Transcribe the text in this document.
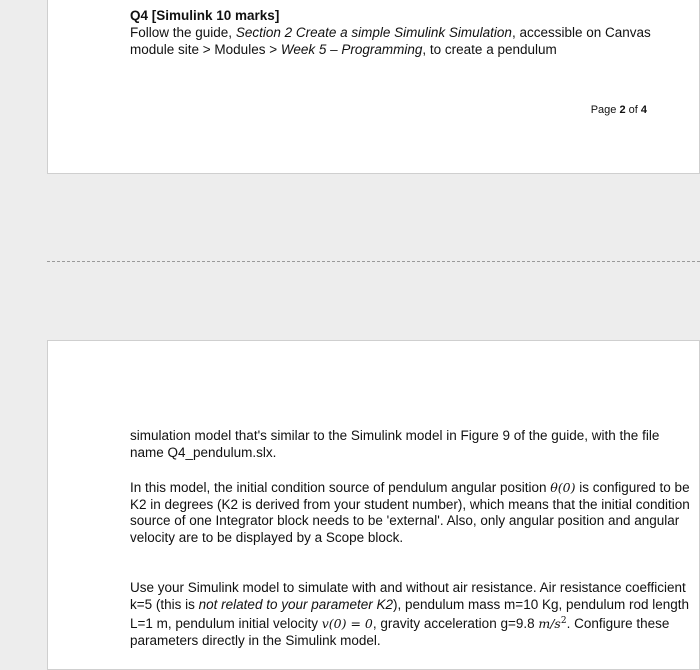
Q4 [Simulink 10 marks]
Follow the guide, Section 2 Create a simple Simulink Simulation, accessible on Canvas module site > Modules > Week 5 – Programming, to create a pendulum
Page 2 of 4
simulation model that's similar to the Simulink model in Figure 9 of the guide, with the file name Q4_pendulum.slx.
In this model, the initial condition source of pendulum angular position θ(0) is configured to be K2 in degrees (K2 is derived from your student number), which means that the initial condition source of one Integrator block needs to be 'external'. Also, only angular position and angular velocity are to be displayed by a Scope block.
Use your Simulink model to simulate with and without air resistance. Air resistance coefficient k=5 (this is not related to your parameter K2), pendulum mass m=10 Kg, pendulum rod length L=1 m, pendulum initial velocity v(0) = 0, gravity acceleration g=9.8 $m/s^2$. Configure these parameters directly in the Simulink model.
